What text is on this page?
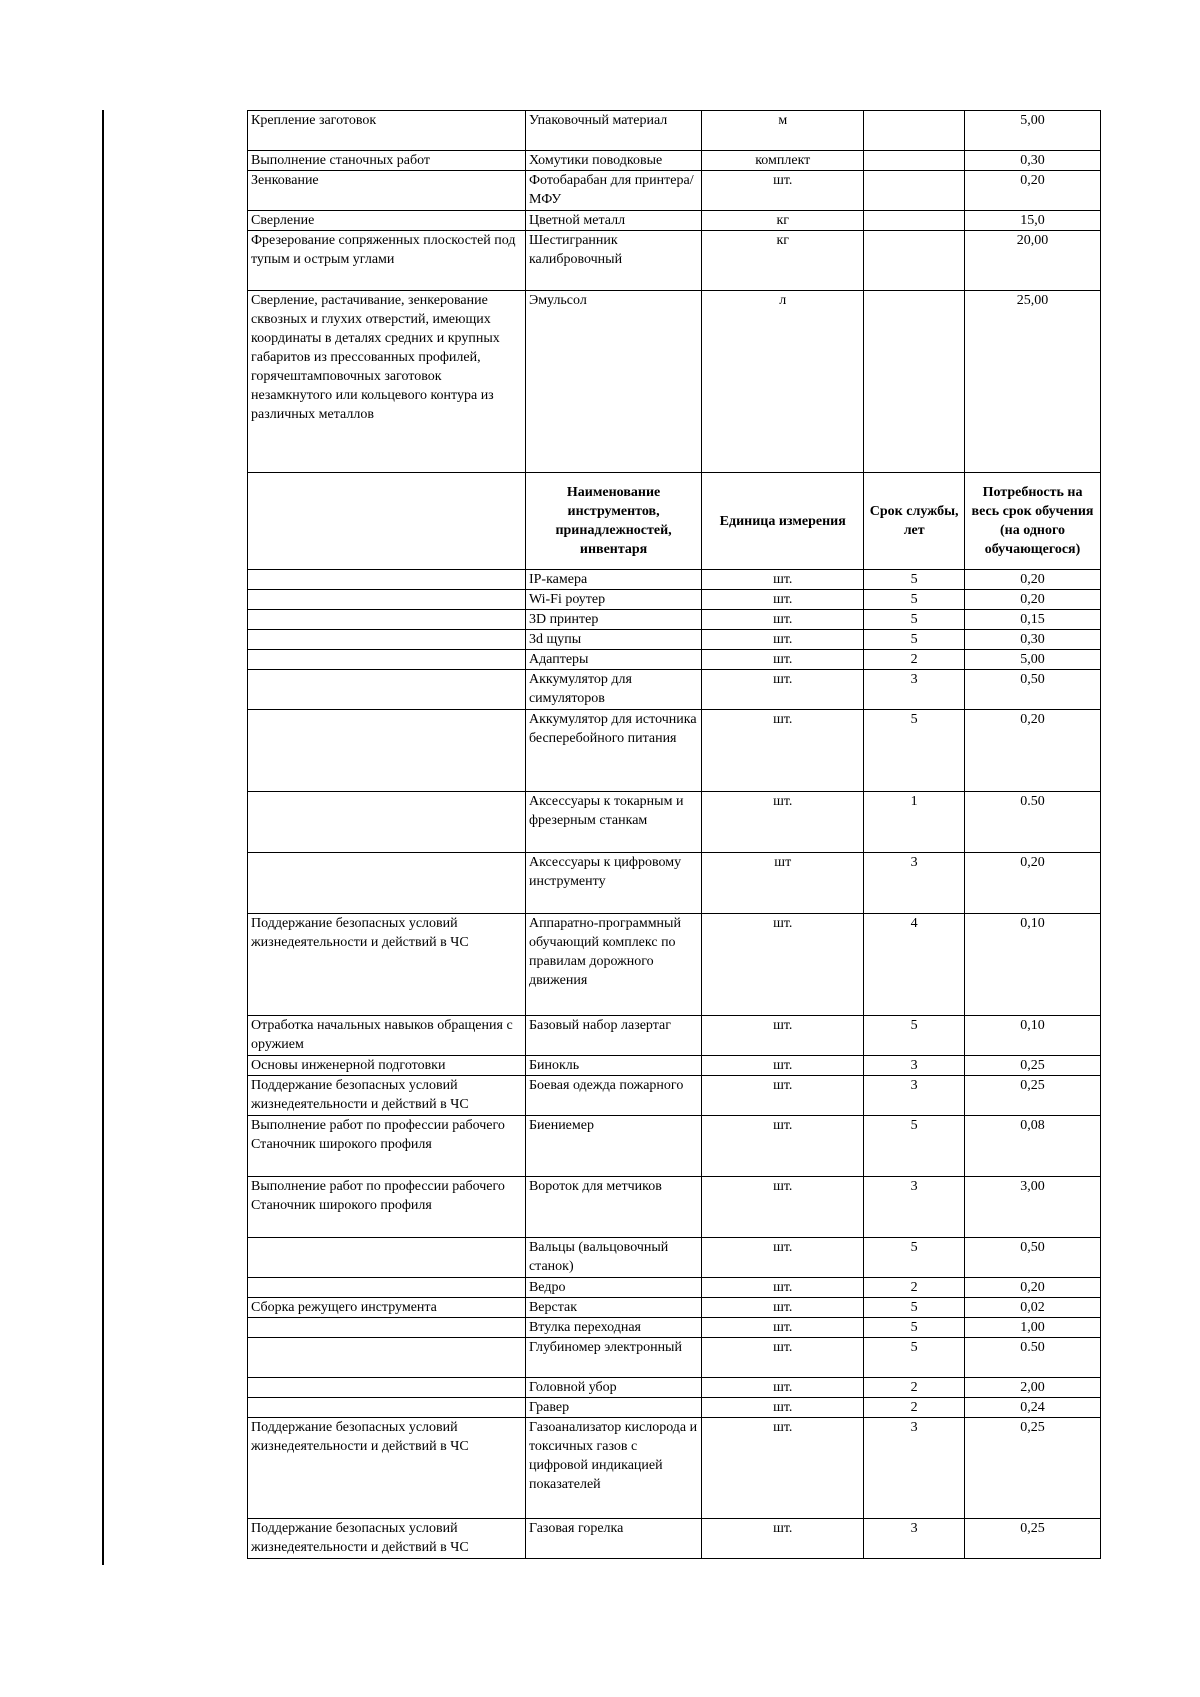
Крепление заготовок	Упаковочный материал	м		5,00
Выполнение станочных работ	Хомутики поводковые	комплект		0,30
Зенкование	Фотобарабан для принтера/МФУ	шт.		0,20
Сверление	Цветной металл	кг		15,0
Фрезерование сопряженных плоскостей под тупым и острым углами	Шестигранник калибровочный	кг		20,00
Сверление, растачивание, зенкерование сквозных и глухих отверстий, имеющих координаты в деталях средних и крупных габаритов из прессованных профилей, горячештамповочных заготовок незамкнутого или кольцевого контура из различных металлов	Эмульсол	л		25,00
	Наименование инструментов, принадлежностей, инвентаря	Единица измерения	Срок службы, лет	Потребность на весь срок обучения (на одного обучающегося)
	IP-камера	шт.	5	0,20
	Wi-Fi роутер	шт.	5	0,20
	3D принтер	шт.	5	0,15
	3d щупы	шт.	5	0,30
	Адаптеры	шт.	2	5,00
	Аккумулятор для симуляторов	шт.	3	0,50
	Аккумулятор для источника бесперебойного питания	шт.	5	0,20
	Аксессуары к токарным и фрезерным станкам	шт.	1	0.50
	Аксессуары к цифровому инструменту	шт	3	0,20
Поддержание безопасных условий жизнедеятельности и действий в ЧС	Аппаратно-программный обучающий комплекс по правилам дорожного движения	шт.	4	0,10
Отработка начальных навыков обращения с оружием	Базовый набор лазертаг	шт.	5	0,10
Основы инженерной подготовки	Бинокль	шт.	3	0,25
Поддержание безопасных условий жизнедеятельности и действий в ЧС	Боевая одежда пожарного	шт.	3	0,25
Выполнение работ по профессии рабочего Станочник широкого профиля	Биениемер	шт.	5	0,08
Выполнение работ по профессии рабочего Станочник широкого профиля	Вороток для метчиков	шт.	3	3,00
	Вальцы (вальцовочный станок)	шт.	5	0,50
	Ведро	шт.	2	0,20
Сборка режущего инструмента	Верстак	шт.	5	0,02
	Втулка переходная	шт.	5	1,00
	Глубиномер электронный	шт.	5	0.50
	Головной убор	шт.	2	2,00
	Гравер	шт.	2	0,24
Поддержание безопасных условий жизнедеятельности и действий в ЧС	Газоанализатор кислорода и токсичных газов с цифровой индикацией показателей	шт.	3	0,25
Поддержание безопасных условий жизнедеятельности и действий в ЧС	Газовая горелка	шт.	3	0,25
